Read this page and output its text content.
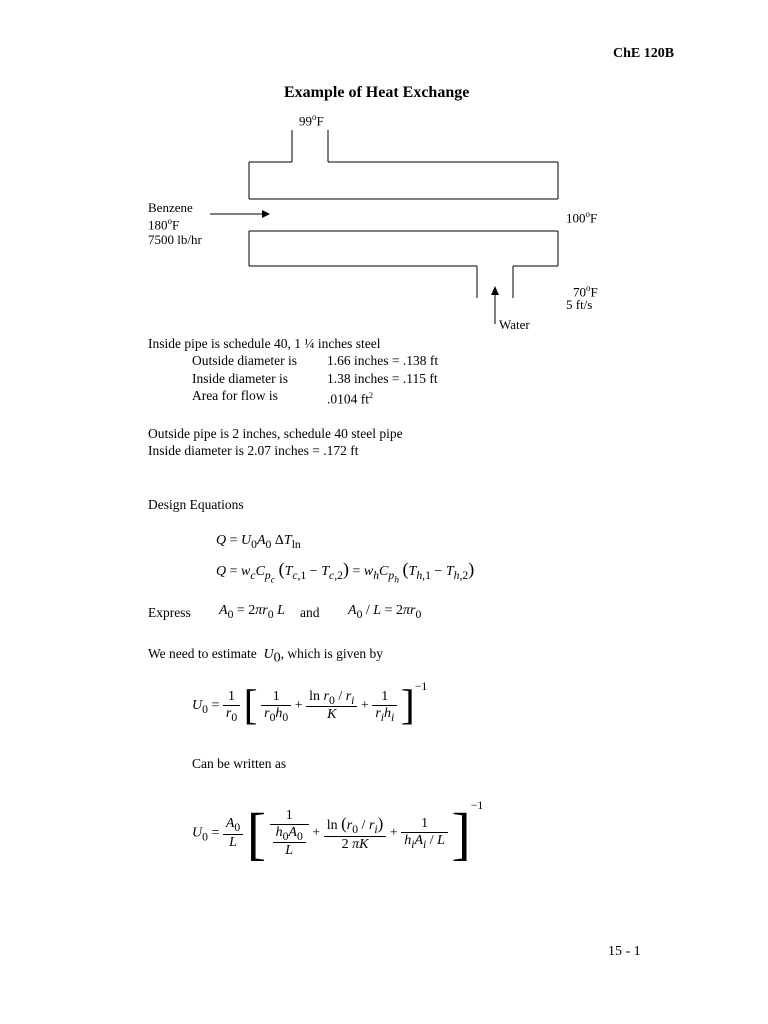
ChE 120B
Example of Heat Exchange
99$^o$F
Benzene
180$^o$F
7500 lb/hr
100$^o$F
70$^o$F
5 ft/s
Water
Inside pipe is schedule 40, 1 ¼ inches steel
Outside diameter is 1.66 inches = .138 ft
Inside diameter is	1.38 inches = .115 ft
Area for flow is	.0104 $ft^2$
Outside pipe is 2 inches, schedule 40 steel pipe
Inside diameter is 2.07 inches = .172 ft
Design Equations
$Q = U_0A_0$ $\Delta T_{ln}$
$Q = w_cC_{p_c}$ $(T_{c,1} - T_{c,2}) = w_hC_{p_h}$ $(T_{h,1} - T_{h,2})$
Express $A_0 = 2\pi r_0$ L and $A_0 / L = 2\pi r_0$
We need to estimate $U_0$, which is given by
$U_0 = \frac{1}{r_0}$ [ $\frac{1}{r_0h_0} + \frac{\ln r_0 / r_i}{K} + \frac{1}{r_ih_i} ]^{-1}$
Can be written as
$U_0 = \frac{A_0}{L}$ [ $\frac{1}{\frac{h_0A_0}{L}} + \frac{\ln (r_0 / r_i)}{2 \pi K} + \frac{1}{h_iA_i / L} ]^{-1}$
15 - 1
